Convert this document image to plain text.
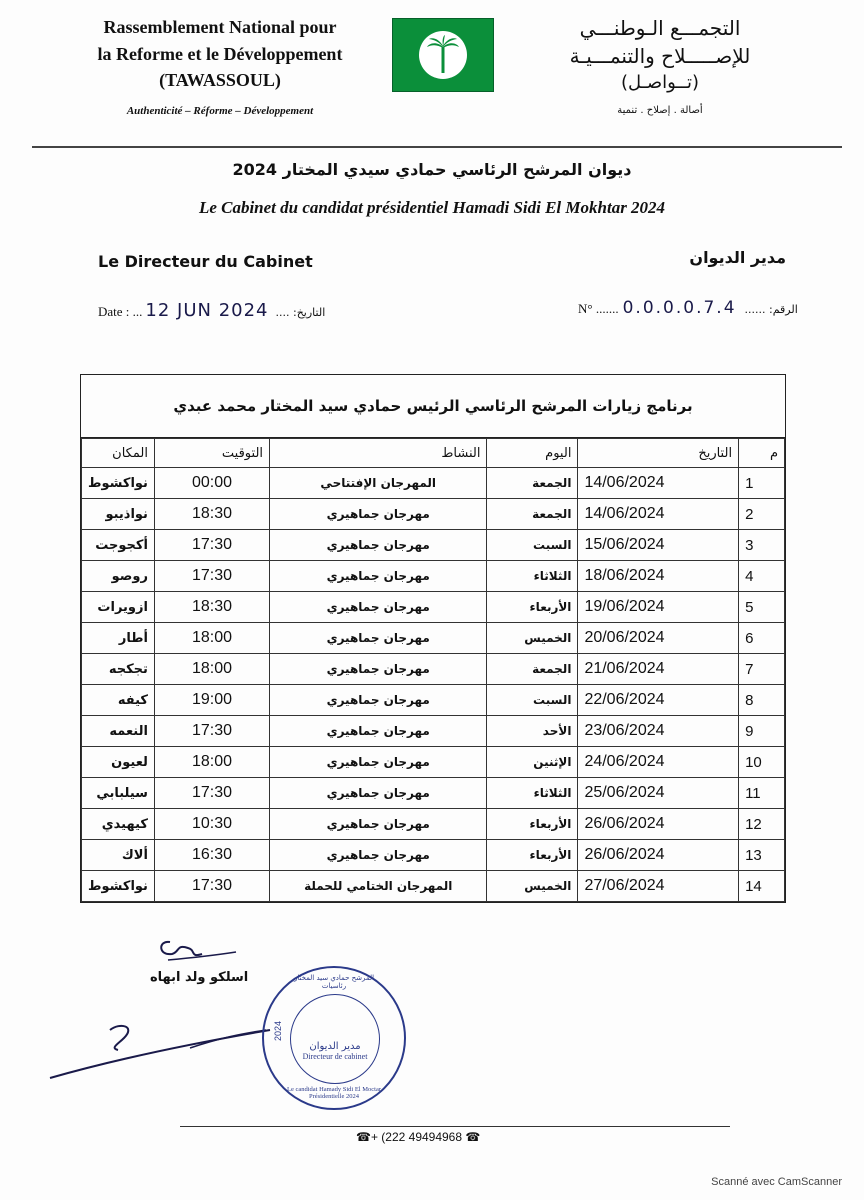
Rassemblement National pour
la Reforme et le Développement
(TAWASSOUL)
Authenticité – Réforme – Développement
التجمـــع الـوطنـــي
للإصـــــلاح والتنمـــيـة
(تــواصـل)
أصالة . إصلاح . تنمية
ديوان المرشح الرئاسي حمادي سيدي المختار 2024
Le Cabinet du candidat présidentiel Hamadi Sidi El Mokhtar 2024
Le Directeur du Cabinet	مدير الديوان
Date : ... 12 JUN 2024 التاريخ: ....	N° ....... 0.0.0.0.7.4 الرقم: ......
برنامج زيارات المرشح الرئاسي الرئيس حمادي سيد المختار محمد عبدي
م	التاريخ	اليوم	النشاط	التوقيت	المكان
1	14/06/2024	الجمعة	المهرجان الإفتتاحي	00:00	نواكشوط
2	14/06/2024	الجمعة	مهرجان جماهيري	18:30	نواذيبو
3	15/06/2024	السبت	مهرجان جماهيري	17:30	أكجوجت
4	18/06/2024	الثلاثاء	مهرجان جماهيري	17:30	روصو
5	19/06/2024	الأربعاء	مهرجان جماهيري	18:30	ازويرات
6	20/06/2024	الخميس	مهرجان جماهيري	18:00	أطار
7	21/06/2024	الجمعة	مهرجان جماهيري	18:00	تجكجه
8	22/06/2024	السبت	مهرجان جماهيري	19:00	كيفه
9	23/06/2024	الأحد	مهرجان جماهيري	17:30	النعمه
10	24/06/2024	الإثنين	مهرجان جماهيري	18:00	لعيون
11	25/06/2024	الثلاثاء	مهرجان جماهيري	17:30	سيلبابي
12	26/06/2024	الأربعاء	مهرجان جماهيري	10:30	كيهيدي
13	26/06/2024	الأربعاء	مهرجان جماهيري	16:30	ألاك
14	27/06/2024	الخميس	المهرجان الختامي للحملة	17:30	نواكشوط
اسلكو ولد ابهاه	المرشح حمادي سيد المختار رئاسيات
2024
مدير الديوان
Directeur de cabinet
Le candidat Hamady Sidi El Moctar Présidentielle 2024
☎+ (222 49494968 ☎
Scanné avec CamScanner
